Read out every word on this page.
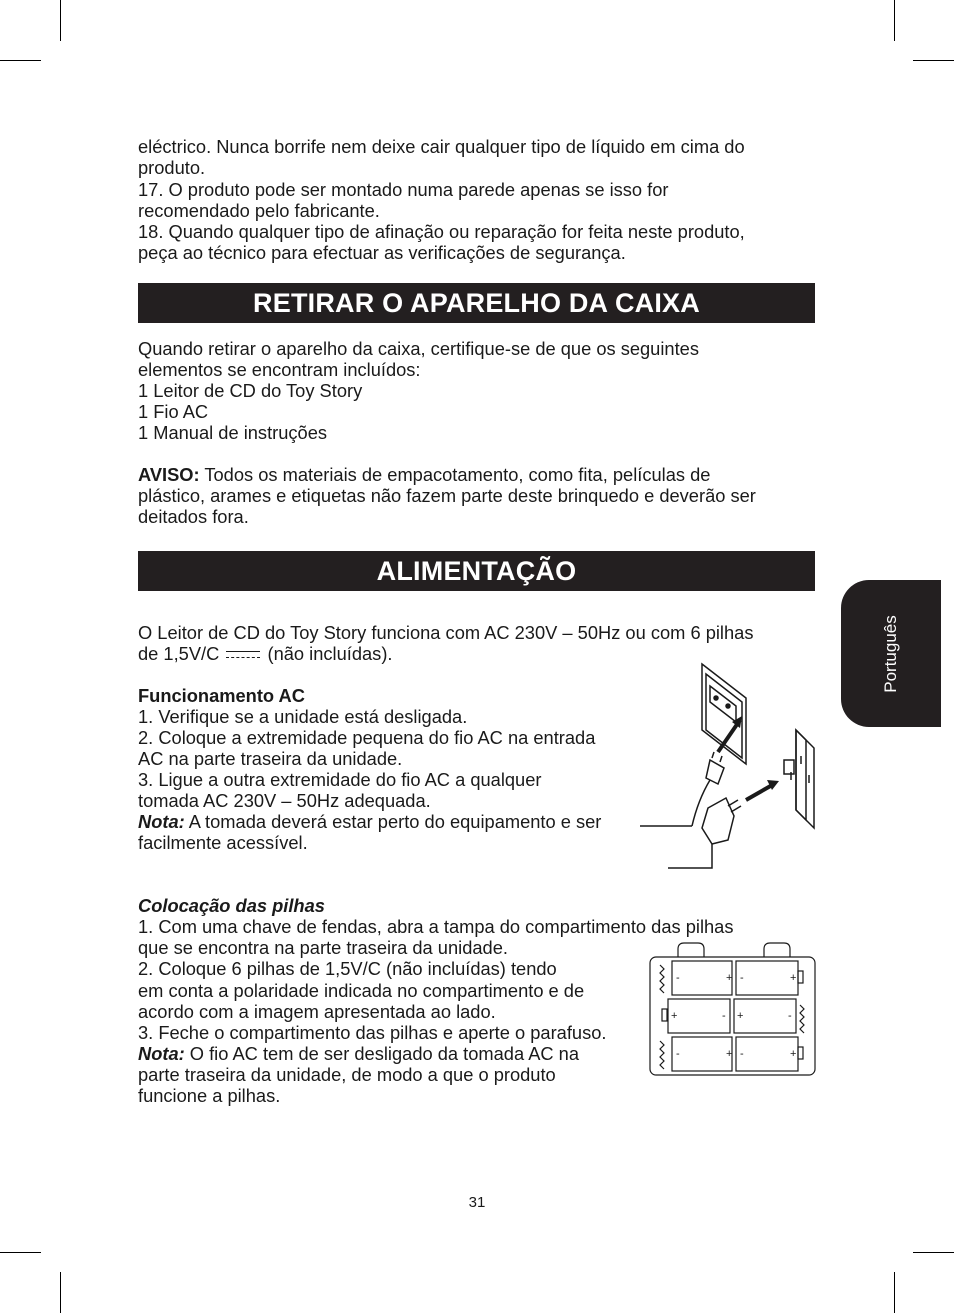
eléctrico. Nunca borrife nem deixe cair qualquer tipo de líquido em cima do
produto.
17. O produto pode ser montado numa parede apenas se isso for
recomendado pelo fabricante.
18. Quando qualquer tipo de afinação ou reparação for feita neste produto,
peça ao técnico para efectuar as verificações de segurança.
RETIRAR O APARELHO DA CAIXA
Quando retirar o aparelho da caixa, certifique-se de que os seguintes
elementos se encontram incluídos:
1 Leitor de CD do Toy Story
1 Fio AC
1 Manual de instruções
AVISO: Todos os materiais de empacotamento, como fita, películas de
plástico, arames e etiquetas não fazem parte deste brinquedo e deverão ser
deitados fora.
ALIMENTAÇÃO
O Leitor de CD do Toy Story funciona com AC 230V – 50Hz ou com 6 pilhas
de 1,5V/C	(não incluídas).
Funcionamento AC
1. Verifique se a unidade está desligada.
2. Coloque a extremidade pequena do fio AC na entrada
AC na parte traseira da unidade.
3. Ligue a outra extremidade do fio AC a qualquer
tomada AC 230V – 50Hz adequada.
Nota: A tomada deverá estar perto do equipamento e ser
facilmente acessível.
Colocação das pilhas
1. Com uma chave de fendas, abra a tampa do compartimento das pilhas
que se encontra na parte traseira da unidade.
2. Coloque 6 pilhas de 1,5V/C (não incluídas) tendo
em conta a polaridade indicada no compartimento e de
acordo com a imagem apresentada ao lado.
3. Feche o compartimento das pilhas e aperte o parafuso.
Nota: O fio AC tem de ser desligado da tomada AC na
parte traseira da unidade, de modo a que o produto
funcione a pilhas.
-	+ -	+
+	- +	-
-	+ -	+
Português
31
